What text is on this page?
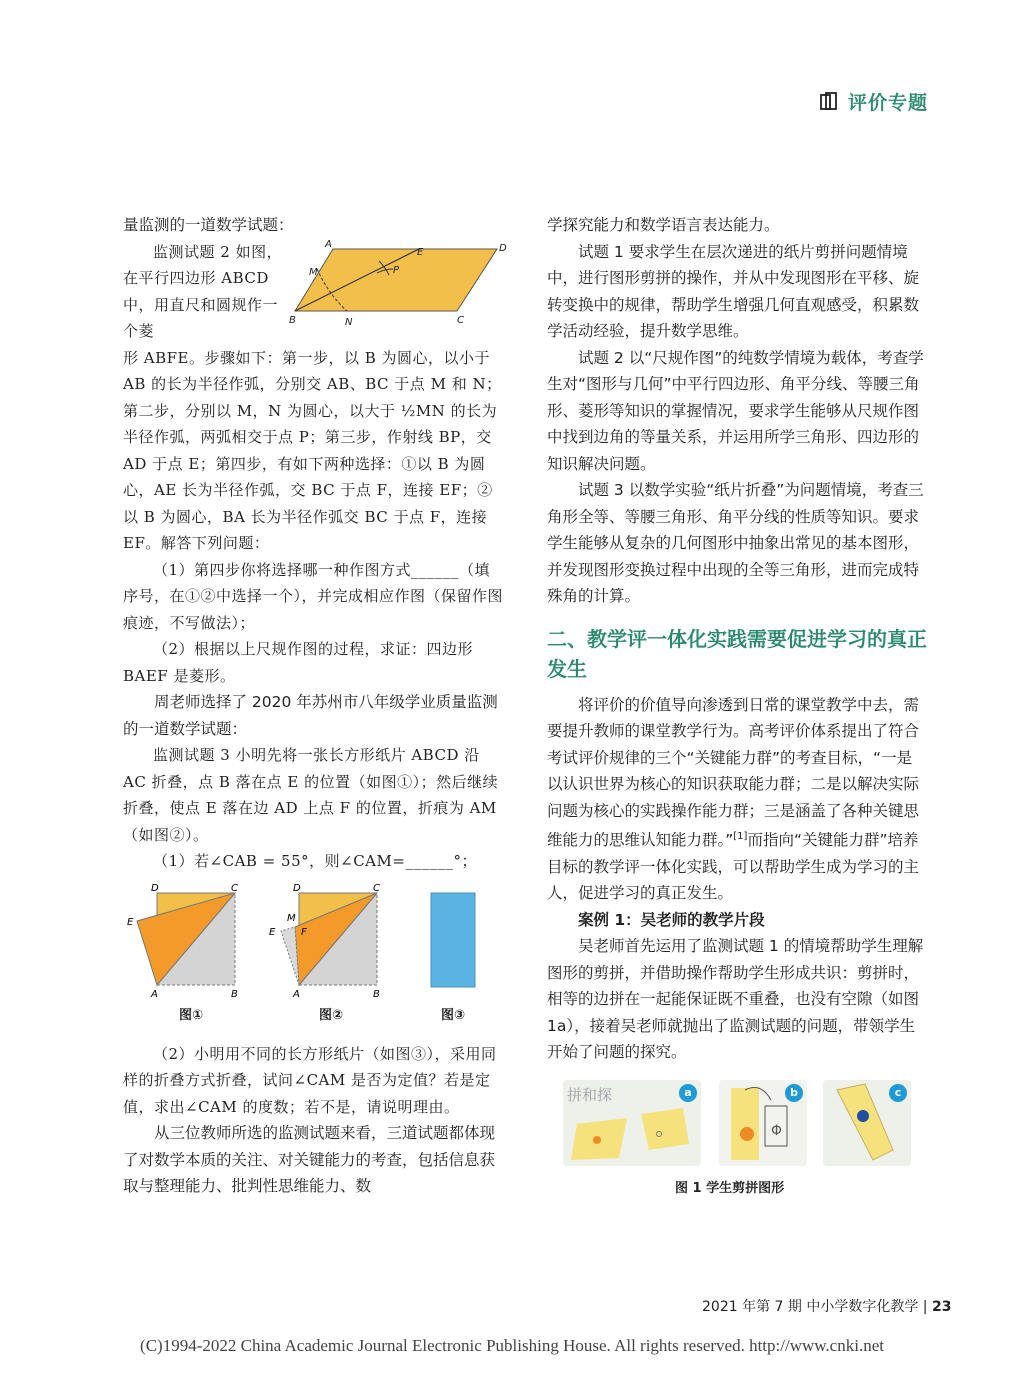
评价专题

量监测的一道数学试题：

监测试题 2 如图，在平行四边形 ABCD 中，用直尺和圆规作一个菱

A	D
B	C
E
M
N
P

形 ABFE。步骤如下：第一步，以 B 为圆心，以小于 AB 的长为半径作弧，分别交 AB、BC 于点 M 和 N；第二步，分别以 M，N 为圆心，以大于 ½MN 的长为半径作弧，两弧相交于点 P；第三步，作射线 BP，交 AD 于点 E；第四步，有如下两种选择：①以 B 为圆心，AE 长为半径作弧，交 BC 于点 F，连接 EF；②以 B 为圆心，BA 长为半径作弧交 BC 于点 F，连接 EF。解答下列问题：

（1）第四步你将选择哪一种作图方式______（填序号，在①②中选择一个），并完成相应作图（保留作图痕迹，不写做法）；

（2）根据以上尺规作图的过程，求证：四边形 BAEF 是菱形。

周老师选择了 2020 年苏州市八年级学业质量监测的一道数学试题：

监测试题 3 小明先将一张长方形纸片 ABCD 沿 AC 折叠，点 B 落在点 E 的位置（如图①）；然后继续折叠，使点 E 落在边 AD 上点 F 的位置，折痕为 AM（如图②）。

（1）若∠CAB = 55°，则∠CAM=______°；

D	C
E
A	B
D	C
E
M
F
A	B
图①	图②	图③

（2）小明用不同的长方形纸片（如图③），采用同样的折叠方式折叠，试问∠CAM 是否为定值？若是定值，求出∠CAM 的度数；若不是，请说明理由。

从三位教师所选的监测试题来看，三道试题都体现了对数学本质的关注、对关键能力的考查，包括信息获取与整理能力、批判性思维能力、数

学探究能力和数学语言表达能力。

试题 1 要求学生在层次递进的纸片剪拼问题情境中，进行图形剪拼的操作，并从中发现图形在平移、旋转变换中的规律，帮助学生增强几何直观感受，积累数学活动经验，提升数学思维。

试题 2 以“尺规作图”的纯数学情境为载体，考查学生对“图形与几何”中平行四边形、角平分线、等腰三角形、菱形等知识的掌握情况，要求学生能够从尺规作图中找到边角的等量关系，并运用所学三角形、四边形的知识解决问题。

试题 3 以数学实验“纸片折叠”为问题情境，考查三角形全等、等腰三角形、角平分线的性质等知识。要求学生能够从复杂的几何图形中抽象出常见的基本图形，并发现图形变换过程中出现的全等三角形，进而完成特殊角的计算。

二、教学评一体化实践需要促进学习的真正发生

将评价的价值导向渗透到日常的课堂教学中去，需要提升教师的课堂教学行为。高考评价体系提出了符合考试评价规律的三个“关键能力群”的考查目标，“一是以认识世界为核心的知识获取能力群；二是以解决实际问题为核心的实践操作能力群；三是涵盖了各种关键思维能力的思维认知能力群。”[1]而指向“关键能力群”培养目标的教学评一体化实践，可以帮助学生成为学习的主人，促进学习的真正发生。

案例 1：吴老师的教学片段

吴老师首先运用了监测试题 1 的情境帮助学生理解图形的剪拼，并借助操作帮助学生形成共识：剪拼时，相等的边拼在一起能保证既不重叠，也没有空隙（如图 1a），接着吴老师就抛出了监测试题的问题，带领学生开始了问题的探究。

拼和探	a
Φ
b	c
图 1 学生剪拼图形
2021 年第 7 期 中小学数字化教学 | 23
(C)1994-2022 China Academic Journal Electronic Publishing House. All rights reserved. http://www.cnki.net
